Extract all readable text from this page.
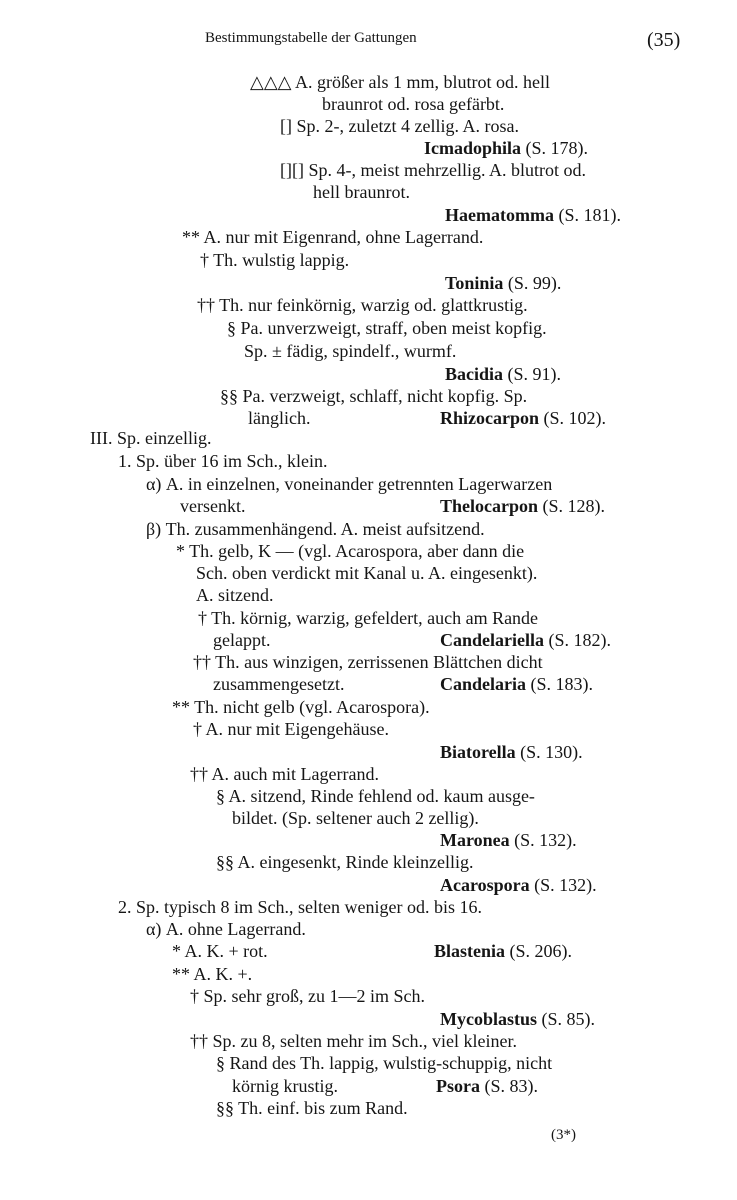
Bestimmungstabelle der Gattungen	(35)
△△△ A. größer als 1 mm, blutrot od. hell
braunrot od. rosa gefärbt.
[] Sp. 2-, zuletzt 4 zellig. A. rosa.
Icmadophila (S. 178).
[][] Sp. 4-, meist mehrzellig. A. blutrot od.
hell braunrot.
Haematomma (S. 181).
** A. nur mit Eigenrand, ohne Lagerrand.
† Th. wulstig lappig.
Toninia (S. 99).
†† Th. nur feinkörnig, warzig od. glattkrustig.
§ Pa. unverzweigt, straff, oben meist kopfig.
Sp. ± fädig, spindelf., wurmf.
Bacidia (S. 91).
§§ Pa. verzweigt, schlaff, nicht kopfig. Sp.
länglich.	Rhizocarpon (S. 102).
III. Sp. einzellig.
1. Sp. über 16 im Sch., klein.
α) A. in einzelnen, voneinander getrennten Lagerwarzen
versenkt.	Thelocarpon (S. 128).
β) Th. zusammenhängend. A. meist aufsitzend.
* Th. gelb, K — (vgl. Acarospora, aber dann die
Sch. oben verdickt mit Kanal u. A. eingesenkt).
A. sitzend.
† Th. körnig, warzig, gefeldert, auch am Rande
gelappt.	Candelariella (S. 182).
†† Th. aus winzigen, zerrissenen Blättchen dicht
zusammengesetzt.	Candelaria (S. 183).
** Th. nicht gelb (vgl. Acarospora).
† A. nur mit Eigengehäuse.
Biatorella (S. 130).
†† A. auch mit Lagerrand.
§ A. sitzend, Rinde fehlend od. kaum ausge-
bildet. (Sp. seltener auch 2 zellig).
Maronea (S. 132).
§§ A. eingesenkt, Rinde kleinzellig.
Acarospora (S. 132).
2. Sp. typisch 8 im Sch., selten weniger od. bis 16.
α) A. ohne Lagerrand.
* A. K. + rot.	Blastenia (S. 206).
** A. K. +.
† Sp. sehr groß, zu 1—2 im Sch.
Mycoblastus (S. 85).
†† Sp. zu 8, selten mehr im Sch., viel kleiner.
§ Rand des Th. lappig, wulstig-schuppig, nicht
körnig krustig.	Psora (S. 83).
§§ Th. einf. bis zum Rand.
(3*)
